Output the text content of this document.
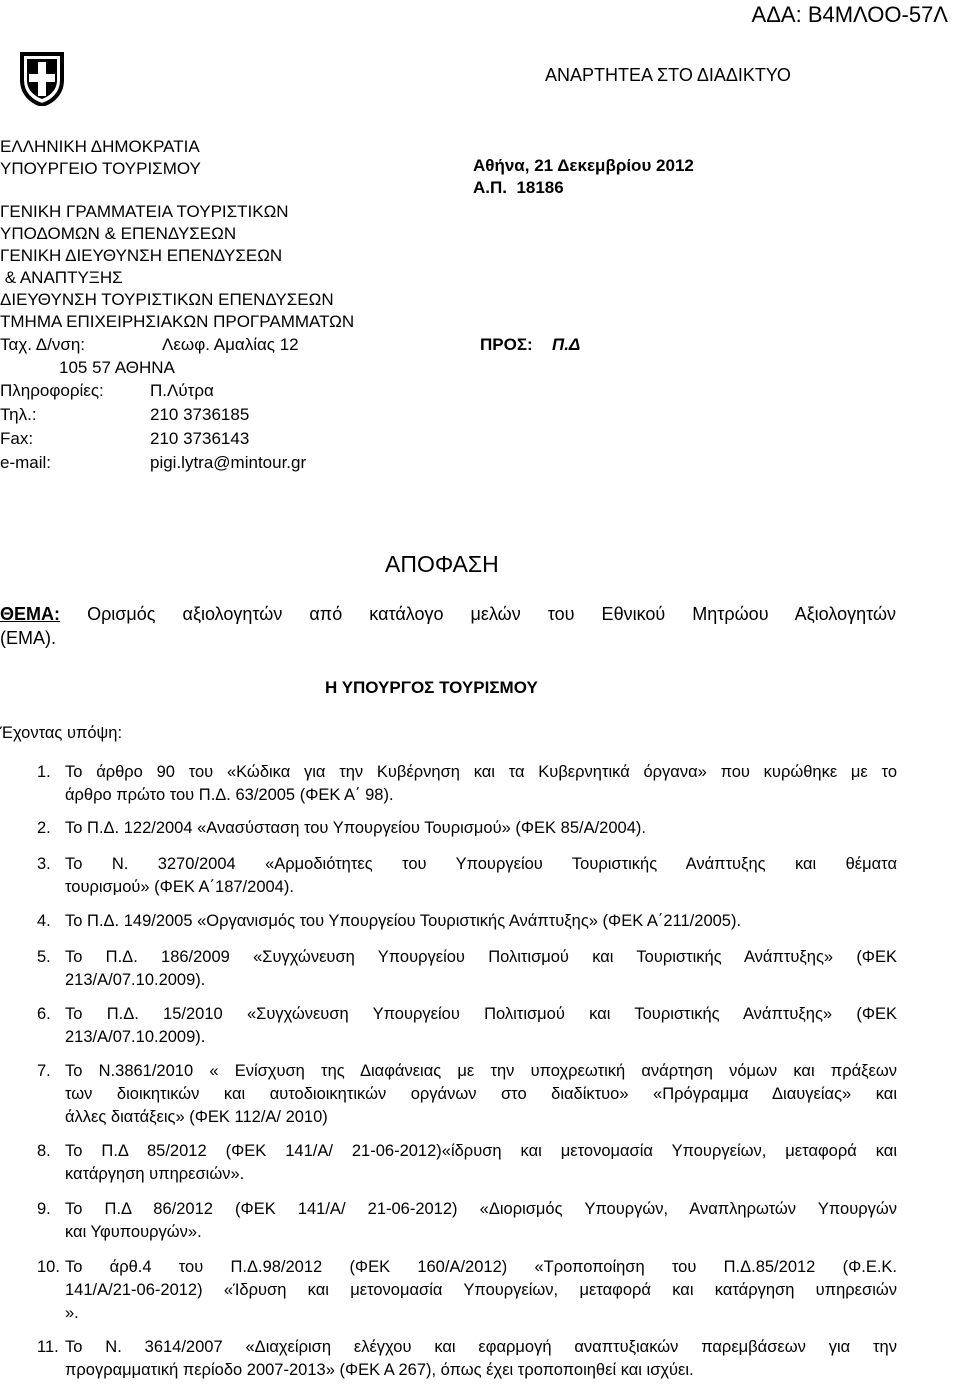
ΑΔΑ: Β4ΜΛΟΟ-57Λ
ΑΝΑΡΤΗΤΕΑ ΣΤΟ ΔΙΑΔΙΚΤΥΟ
ΕΛΛΗΝΙΚΗ ΔΗΜΟΚΡΑΤΙΑ
ΥΠΟΥΡΓΕΙΟ ΤΟΥΡΙΣΜΟΥ	Αθήνα, 21 Δεκεμβρίου 2012
Α.Π.  18186
ΓΕΝΙΚΗ ΓΡΑΜΜΑΤΕΙΑ ΤΟΥΡΙΣΤΙΚΩΝ
ΥΠΟΔΟΜΩΝ & ΕΠΕΝΔΥΣΕΩΝ
ΓΕΝΙΚΗ ΔΙΕΥΘΥΝΣΗ ΕΠΕΝΔΥΣΕΩΝ
& ΑΝΑΠΤΥΞΗΣ
ΔΙΕΥΘΥΝΣΗ ΤΟΥΡΙΣΤΙΚΩΝ ΕΠΕΝΔΥΣΕΩΝ
ΤΜΗΜΑ ΕΠΙΧΕΙΡΗΣΙΑΚΩΝ ΠΡΟΓΡΑΜΜΑΤΩΝ
Ταχ. Δ/νση:	Λεωφ. Αμαλίας 12
105 57 ΑΘΗΝΑ
Πληροφορίες:	Π.Λύτρα
Τηλ.:	210 3736185
Fax:	210 3736143
e-mail:	pigi.lytra@mintour.gr
ΠΡΟΣ: Π.Δ
ΑΠΟΦΑΣΗ
ΘΕΜΑ: Ορισμός αξιολογητών από κατάλογο μελών του Εθνικού Μητρώου Αξιολογητών
(ΕΜΑ).
Η ΥΠΟΥΡΓΟΣ ΤΟΥΡΙΣΜΟΥ
Έχοντας υπόψη:
1. Το άρθρο 90 του «Κώδικα για την Κυβέρνηση και τα Κυβερνητικά όργανα» που κυρώθηκε με το
άρθρο πρώτο του Π.Δ. 63/2005 (ΦΕΚ Α΄ 98).
2. Το Π.Δ. 122/2004 «Ανασύσταση του Υπουργείου Τουρισμού» (ΦΕΚ 85/Α/2004).
3. Το Ν. 3270/2004 «Αρμοδιότητες του Υπουργείου Τουριστικής Ανάπτυξης και θέματα
τουρισμού» (ΦΕΚ Α΄187/2004).
4. Το Π.Δ. 149/2005 «Οργανισμός του Υπουργείου Τουριστικής Ανάπτυξης» (ΦΕΚ Α΄211/2005).
5. Το Π.Δ. 186/2009 «Συγχώνευση Υπουργείου Πολιτισμού και Τουριστικής Ανάπτυξης» (ΦΕΚ
213/Α/07.10.2009).
6. Το Π.Δ. 15/2010 «Συγχώνευση Υπουργείου Πολιτισμού και Τουριστικής Ανάπτυξης» (ΦΕΚ
213/Α/07.10.2009).
7. Το Ν.3861/2010 « Ενίσχυση της Διαφάνειας με την υποχρεωτική ανάρτηση νόμων και πράξεων
των διοικητικών και αυτοδιοικητικών οργάνων στο διαδίκτυο» «Πρόγραμμα Διαυγείας» και
άλλες διατάξεις» (ΦΕΚ 112/Α/ 2010)
8. Το Π.Δ 85/2012 (ΦΕΚ 141/Α/ 21-06-2012)«ίδρυση και μετονομασία Υπουργείων, μεταφορά και
κατάργηση υπηρεσιών».
9. Το Π.Δ 86/2012 (ΦΕΚ 141/Α/ 21-06-2012) «Διορισμός Υπουργών, Αναπληρωτών Υπουργών
και Υφυπουργών».
10. Το άρθ.4 του Π.Δ.98/2012 (ΦΕΚ 160/Α/2012) «Τροποποίηση του Π.Δ.85/2012 (Φ.Ε.Κ.
141/Α/21-06-2012) «Ίδρυση και μετονομασία Υπουργείων, μεταφορά και κατάργηση υπηρεσιών
».
11. Το Ν. 3614/2007 «Διαχείριση ελέγχου και εφαρμογή αναπτυξιακών παρεμβάσεων για την
προγραμματική περίοδο 2007-2013» (ΦΕΚ Α 267), όπως έχει τροποποιηθεί και ισχύει.
